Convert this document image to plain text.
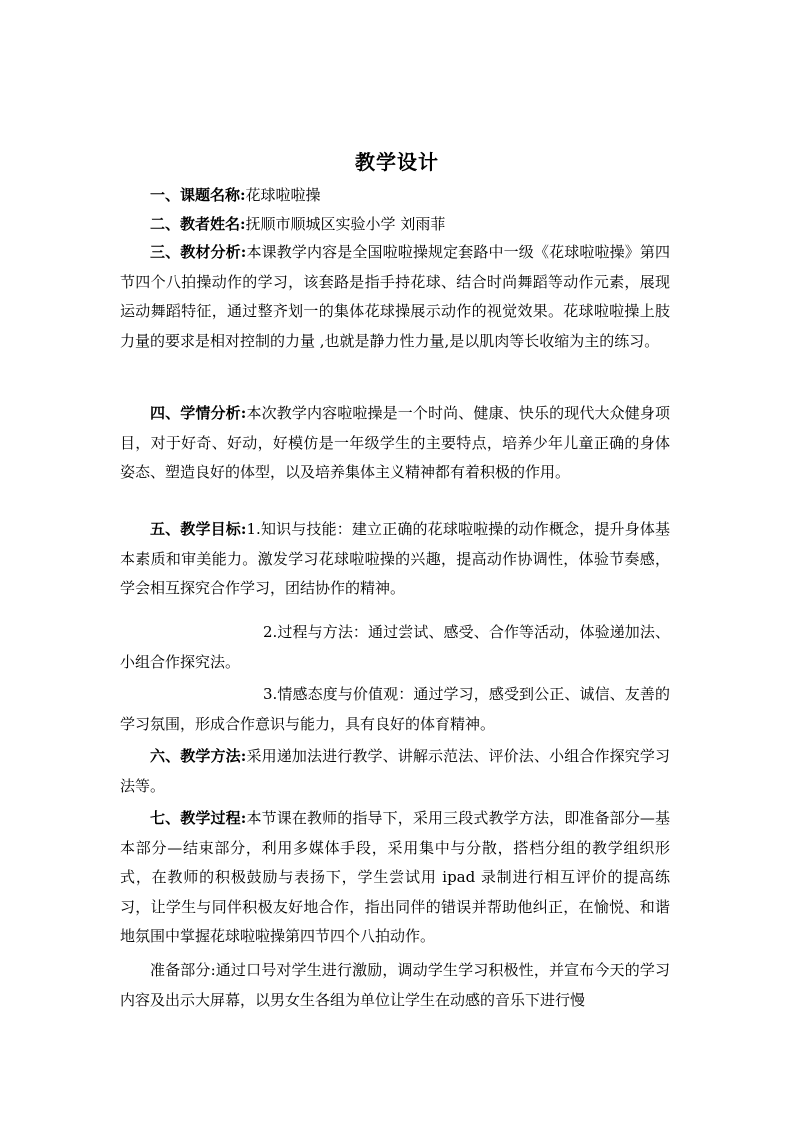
教学设计

一、课题名称:花球啦啦操

二、教者姓名:抚顺市顺城区实验小学 刘雨菲

三、教材分析:本课教学内容是全国啦啦操规定套路中一级《花球啦啦操》第四节四个八拍操动作的学习，该套路是指手持花球、结合时尚舞蹈等动作元素，展现运动舞蹈特征，通过整齐划一的集体花球操展示动作的视觉效果。花球啦啦操上肢力量的要求是相对控制的力量 ,也就是静力性力量,是以肌肉等长收缩为主的练习。

四、学情分析:本次教学内容啦啦操是一个时尚、健康、快乐的现代大众健身项目，对于好奇、好动，好模仿是一年级学生的主要特点，培养少年儿童正确的身体姿态、塑造良好的体型，以及培养集体主义精神都有着积极的作用。

五、教学目标:1.知识与技能：建立正确的花球啦啦操的动作概念，提升身体基本素质和审美能力。激发学习花球啦啦操的兴趣，提高动作协调性，体验节奏感，学会相互探究合作学习，团结协作的精神。

2.过程与方法：通过尝试、感受、合作等活动，体验递加法、小组合作探究法。

3.情感态度与价值观：通过学习，感受到公正、诚信、友善的学习氛围，形成合作意识与能力，具有良好的体育精神。

六、教学方法:采用递加法进行教学、讲解示范法、评价法、小组合作探究学习法等。

七、教学过程:本节课在教师的指导下，采用三段式教学方法，即准备部分—基本部分—结束部分，利用多媒体手段，采用集中与分散，搭档分组的教学组织形式，在教师的积极鼓励与表扬下，学生尝试用 ipad 录制进行相互评价的提高练习，让学生与同伴积极友好地合作，指出同伴的错误并帮助他纠正，在愉悦、和谐地氛围中掌握花球啦啦操第四节四个八拍动作。

准备部分:通过口号对学生进行激励，调动学生学习积极性，并宣布今天的学习内容及出示大屏幕，以男女生各组为单位让学生在动感的音乐下进行慢
